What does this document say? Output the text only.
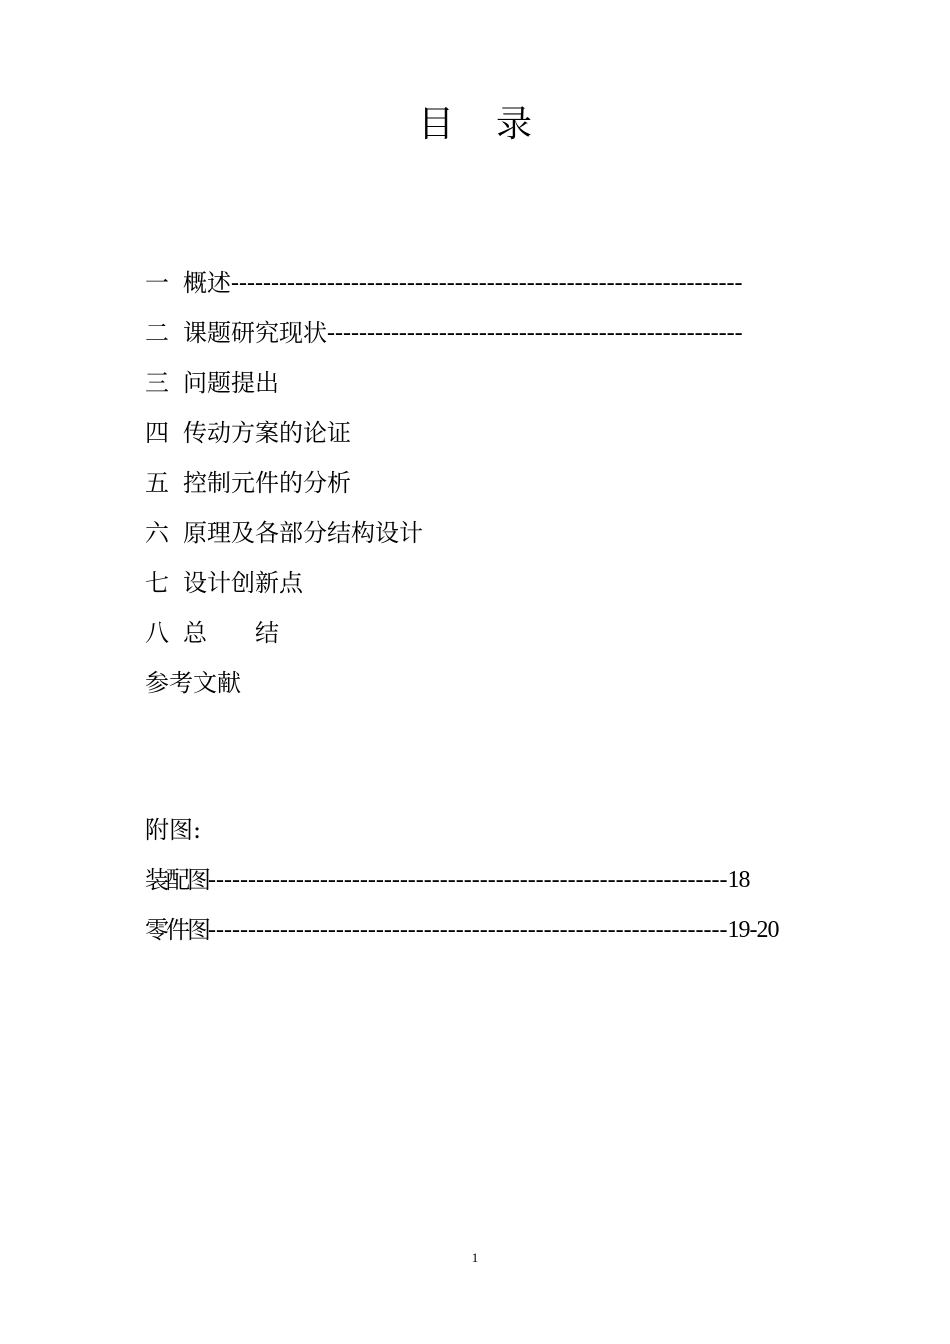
目录
一 概述 ----------------------------------------------------------------
二 课题研究现状 ----------------------------------------------------
三 问题提出
四 传动方案的论证
五 控制元件的分析
六 原理及各部分结构设计
七 设计创新点
八 总　　结
参考文献
附图:
装配图 ----------------------------------------------------------------- 18
零件图 ----------------------------------------------------------------- 19-20
1
